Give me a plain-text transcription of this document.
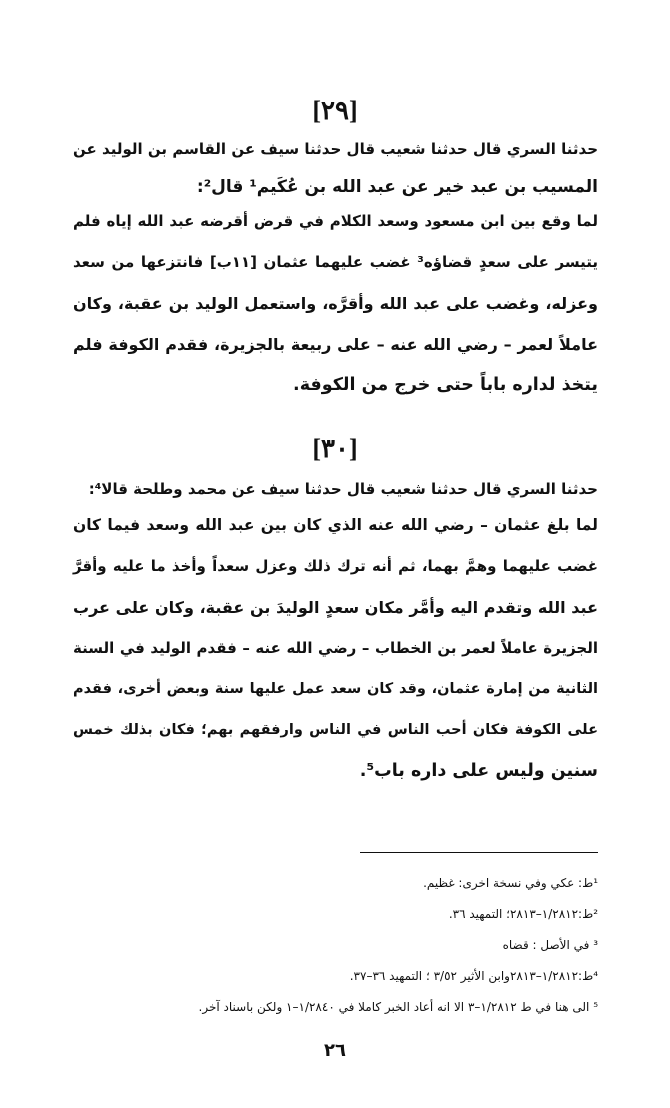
[٢٩]
حدثنا السري قال حدثنا شعيب قال حدثنا سيف عن القاسم بن الوليد عن
المسيب بن عبد خير عن عبد الله بن عُكَيم¹ قال²:
لما وقع بين ابن مسعود وسعد الكلام في قرض أقرضه عبد الله إياه فلم
يتيسر على سعدٍ قضاؤه³ غضب عليهما عثمان [١١ب] فانتزعها من سعد
وعزله، وغضب على عبد الله وأقرَّه، واستعمل الوليد بن عقبة، وكان
عاملاً لعمر – رضي الله عنه – على ربيعة بالجزيرة، فقدم الكوفة فلم
يتخذ لداره باباً حتى خرج من الكوفة.
[٣٠]
حدثنا السري قال حدثنا شعيب قال حدثنا سيف عن محمد وطلحة قالا⁴:
لما بلغ عثمان – رضي الله عنه الذي كان بين عبد الله وسعد فيما كان
غضب عليهما وهمَّ بهما، ثم أنه ترك ذلك وعزل سعداً وأخذ ما عليه وأقرَّ
عبد الله وتقدم اليه وأمَّر مكان سعدٍ الوليدَ بن عقبة، وكان على عرب
الجزيرة عاملاً لعمر بن الخطاب – رضي الله عنه – فقدم الوليد في السنة
الثانية من إمارة عثمان، وقد كان سعد عمل عليها سنة وبعض أخرى، فقدم
على الكوفة فكان أحب الناس في الناس وارفقهم بهم؛ فكان بذلك خمس
سنين وليس على داره باب⁵.
¹ط: عكي وفي نسخة اخرى: غظيم.
²ط:١/٢٨١٢–٢٨١٣؛ التمهيد ٣٦.
³ في الأصل : قضاه
⁴ط:١/٢٨١٢–٢٨١٣وابن الأثير ٣/٥٢ ؛ التمهيد ٣٦–٣٧.
⁵ الى هنا في ط ١/٢٨١٢–٣ الا انه أعاد الخبر كاملا في ١/٢٨٤٠–١ ولكن باسناد آخر.
٢٦
